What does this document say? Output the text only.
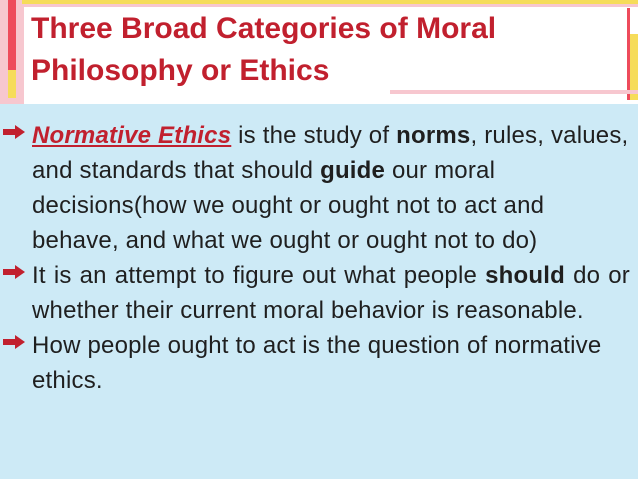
Three Broad Categories of Moral Philosophy or Ethics
Normative Ethics is the study of norms, rules, values, and standards that should guide our moral decisions(how we ought or ought not to act and behave, and what we ought or ought not to do)
It is an attempt to figure out what people should do or whether their current moral behavior is reasonable.
How people ought to act is the question of normative ethics.
